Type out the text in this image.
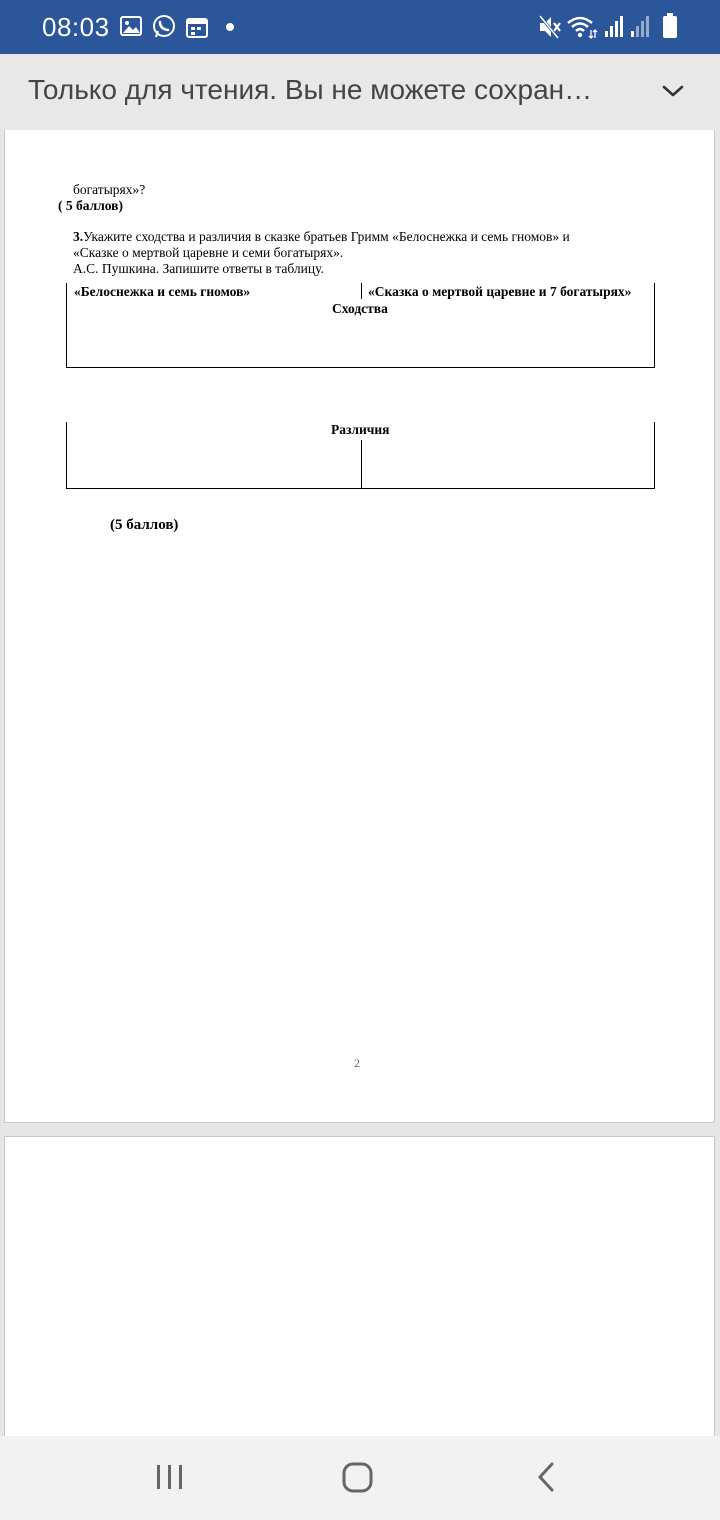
08:03
Только для чтения. Вы не можете сохран…
богатырях»?
( 5 баллов)
3.Укажите сходства и различия в сказке братьев Гримм «Белоснежка и семь гномов» и
«Сказке о мертвой царевне и семи богатырях».
А.С. Пушкина. Запишите ответы в таблицу.
«Белоснежка и семь гномов»	«Сказка о мертвой царевне и 7 богатырях»
Сходства
Различия
(5 баллов)
2
